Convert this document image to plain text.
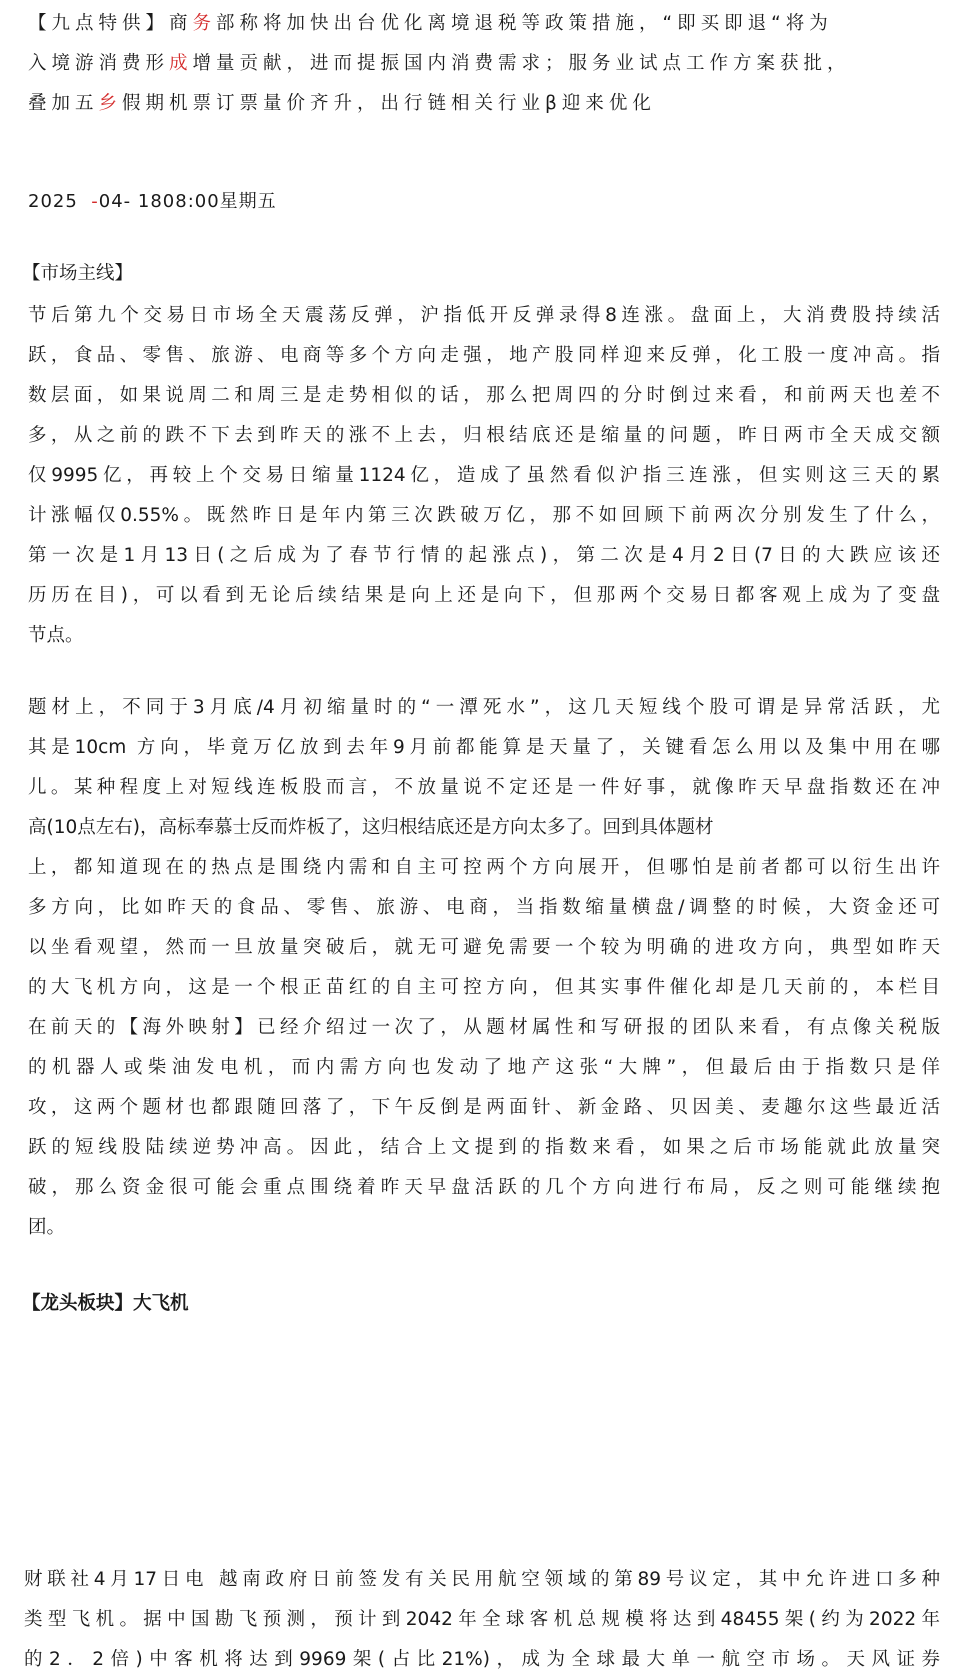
【九点特供】商务部称将加快出台优化离境退税等政策措施，“即买即退“将为
入境游消费形成增量贡献，进而提振国内消费需求；服务业试点工作方案获批，
叠加五乡假期机票订票量价齐升，出行链相关行业β迎来优化
2025 -04- 1808:00星期五
【市场主线】
节后第九个交易日市场全天震荡反弹，沪指低开反弹录得8连涨。盘面上，大消费股持续活
跃，食品、零售、旅游、电商等多个方向走强，地产股同样迎来反弹，化工股一度冲高。指
数层面，如果说周二和周三是走势相似的话，那么把周四的分时倒过来看，和前两天也差不
多，从之前的跌不下去到昨天的涨不上去，归根结底还是缩量的问题，昨日两市全天成交额
仅9995亿，再较上个交易日缩量1124亿，造成了虽然看似沪指三连涨，但实则这三天的累
计涨幅仅0.55%。既然昨日是年内第三次跌破万亿，那不如回顾下前两次分别发生了什么，
第一次是1月13日(之后成为了春节行情的起涨点)，第二次是4月2日(7日的大跌应该还
历历在目)，可以看到无论后续结果是向上还是向下，但那两个交易日都客观上成为了变盘
节点。
题材上，不同于3月底/4月初缩量时的“一潭死水”，这几天短线个股可谓是异常活跃，尤
其是10cm 方向，毕竟万亿放到去年9月前都能算是天量了，关键看怎么用以及集中用在哪
儿。某种程度上对短线连板股而言，不放量说不定还是一件好事，就像昨天早盘指数还在冲
高(10点左右)，高标奉慕士反而炸板了，这归根结底还是方向太多了。回到具体题材
上，都知道现在的热点是围绕内需和自主可控两个方向展开，但哪怕是前者都可以衍生出许
多方向，比如昨天的食品、零售、旅游、电商，当指数缩量横盘/调整的时候，大资金还可
以坐看观望，然而一旦放量突破后，就无可避免需要一个较为明确的进攻方向，典型如昨天
的大飞机方向，这是一个根正苗红的自主可控方向，但其实事件催化却是几天前的，本栏目
在前天的【海外映射】已经介绍过一次了，从题材属性和写研报的团队来看，有点像关税版
的机器人或柴油发电机，而内需方向也发动了地产这张“大牌”，但最后由于指数只是佯
攻，这两个题材也都跟随回落了，下午反倒是两面针、新金路、贝因美、麦趣尔这些最近活
跃的短线股陆续逆势冲高。因此，结合上文提到的指数来看，如果之后市场能就此放量突
破，那么资金很可能会重点围绕着昨天早盘活跃的几个方向进行布局，反之则可能继续抱
团。
【龙头板块】大飞机
财联社4月17日电 越南政府日前签发有关民用航空领域的第89号议定，其中允许进口多种
类型飞机。据中国勘飞预测，预计到2042年全球客机总规模将达到48455架(约为2022年
的2．2倍)中客机将达到9969架(占比21%)，成为全球最大单一航空市场。天风证券
